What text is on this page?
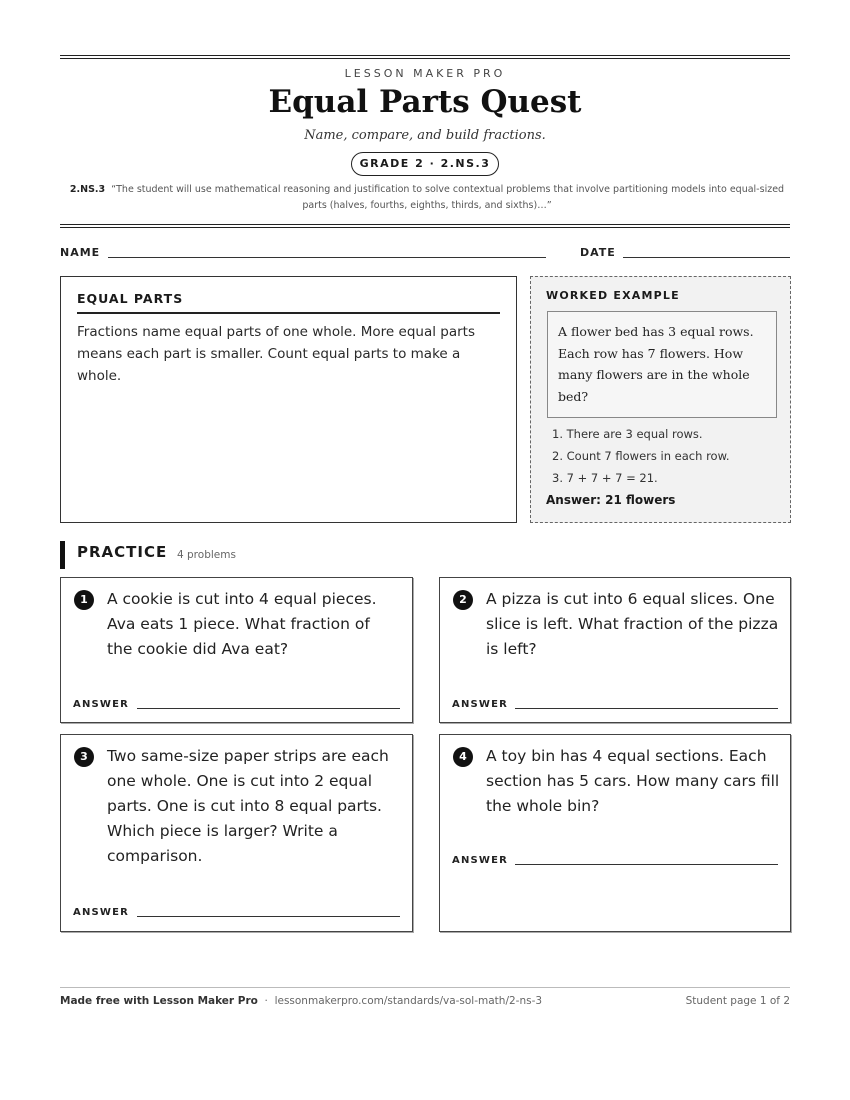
LESSON MAKER PRO
Equal Parts Quest
Name, compare, and build fractions.
GRADE 2 · 2.NS.3
2.NS.3 “The student will use mathematical reasoning and justification to solve contextual problems that involve partitioning models into equal-sized parts (halves, fourths, eighths, thirds, and sixths)…”
NAME	DATE
EQUAL PARTS
Fractions name equal parts of one whole. More equal parts means each part is smaller. Count equal parts to make a whole.
WORKED EXAMPLE
A flower bed has 3 equal rows. Each row has 7 flowers. How many flowers are in the whole bed?
1. There are 3 equal rows.
2. Count 7 flowers in each row.
3. 7 + 7 + 7 = 21.
Answer: 21 flowers
PRACTICE 4 problems
1	A cookie is cut into 4 equal pieces. Ava eats 1 piece. What fraction of the cookie did Ava eat?
ANSWER
2	A pizza is cut into 6 equal slices. One slice is left. What fraction of the pizza is left?
ANSWER
3	Two same-size paper strips are each one whole. One is cut into 2 equal parts. One is cut into 8 equal parts. Which piece is larger? Write a comparison.
ANSWER
4	A toy bin has 4 equal sections. Each section has 5 cars. How many cars fill the whole bin?
ANSWER
Made free with Lesson Maker Pro  ·  lessonmakerpro.com/standards/va-sol-math/2-ns-3	Student page 1 of 2
